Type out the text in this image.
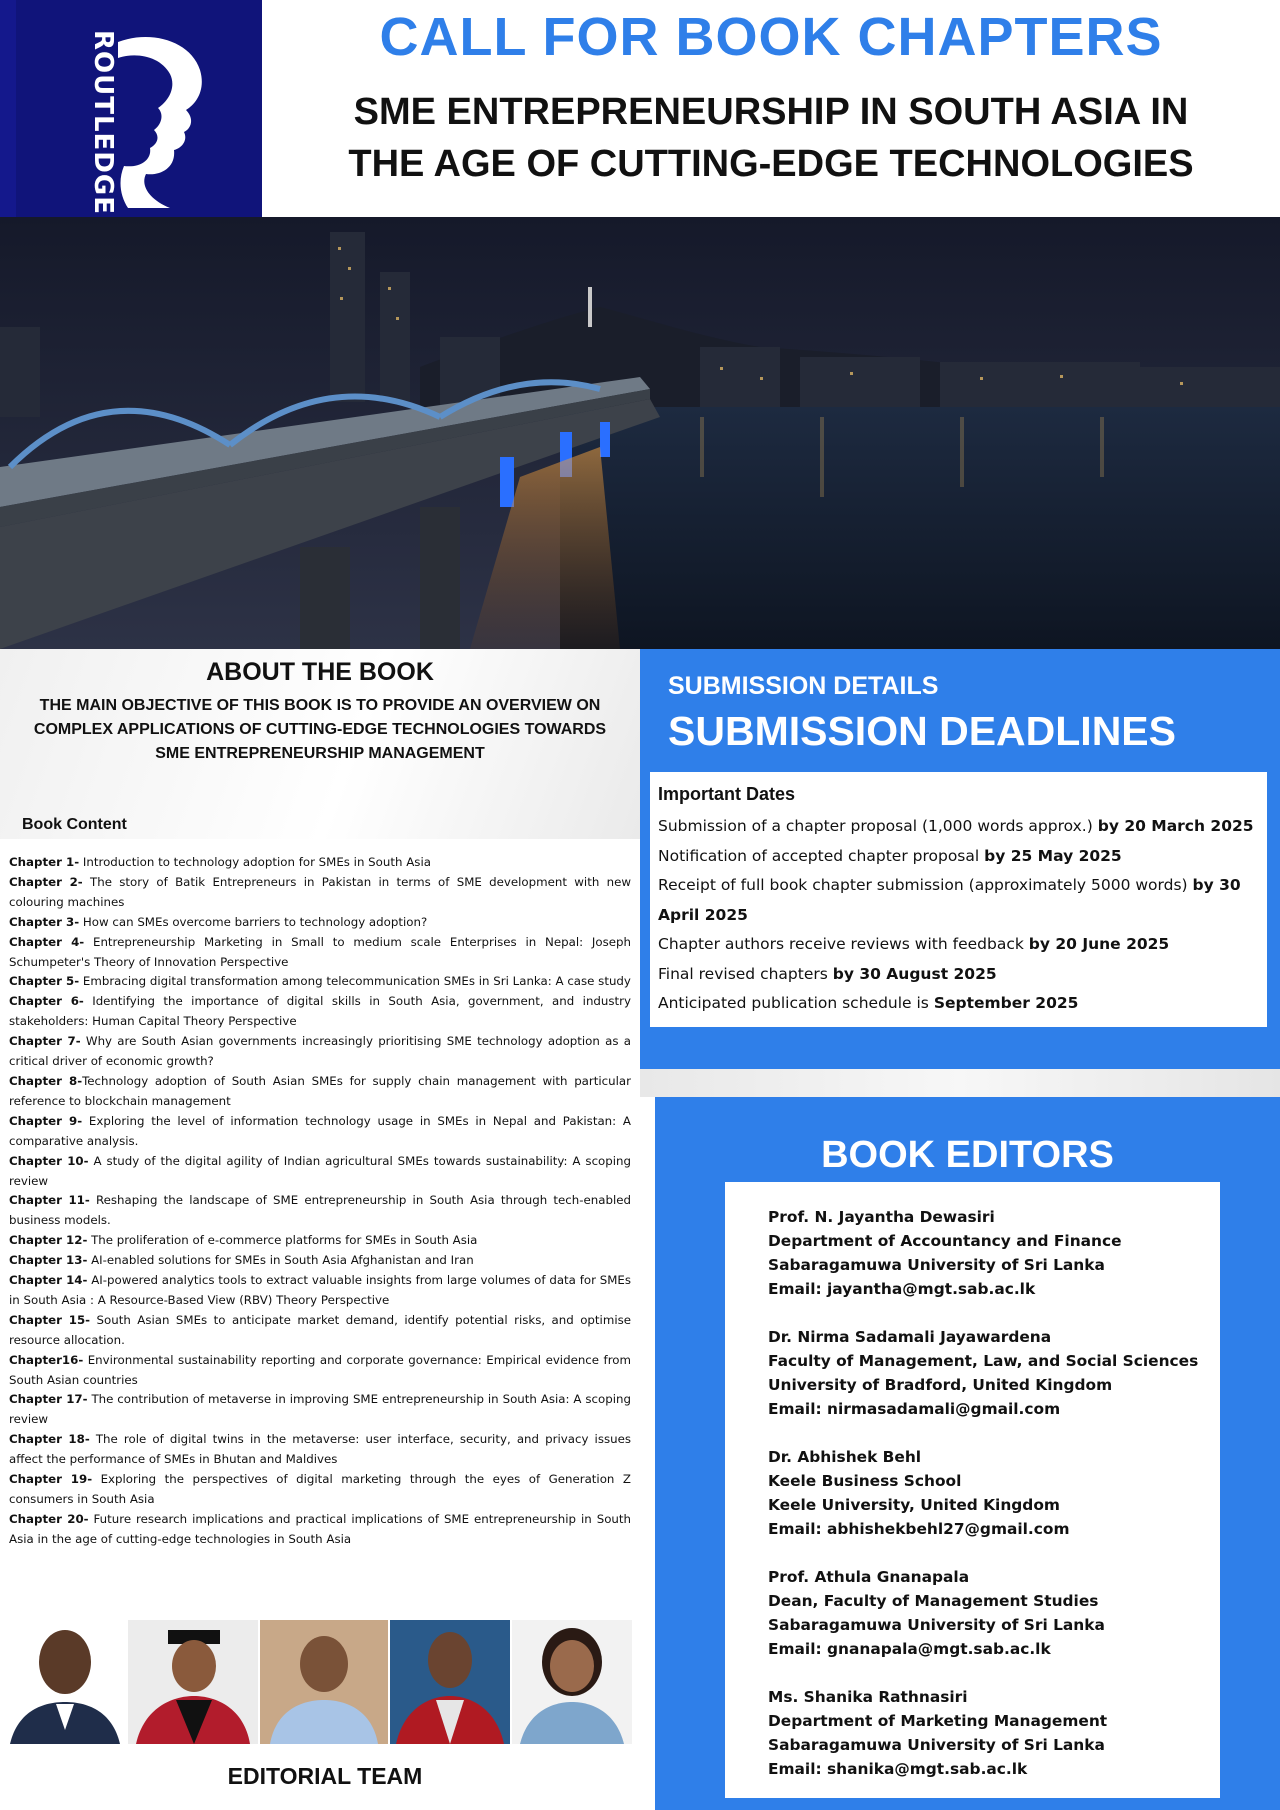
ROUTLEDGE	CALL FOR BOOK CHAPTERS
SME ENTREPRENEURSHIP IN SOUTH ASIA IN
THE AGE OF CUTTING-EDGE TECHNOLOGIES
ABOUT THE BOOK
THE MAIN OBJECTIVE OF THIS BOOK IS TO PROVIDE AN OVERVIEW ON COMPLEX APPLICATIONS OF CUTTING-EDGE TECHNOLOGIES TOWARDS SME ENTREPRENEURSHIP MANAGEMENT
Book Content

Chapter 1- Introduction to technology adoption for SMEs in South Asia

Chapter 2- The story of Batik Entrepreneurs in Pakistan in terms of SME development with new colouring machines

Chapter 3- How can SMEs overcome barriers to technology adoption?

Chapter 4- Entrepreneurship Marketing in Small to medium scale Enterprises in Nepal: Joseph Schumpeter's Theory of Innovation Perspective

Chapter 5- Embracing digital transformation among telecommunication SMEs in Sri Lanka: A case study

Chapter 6- Identifying the importance of digital skills in South Asia, government, and industry stakeholders: Human Capital Theory Perspective

Chapter 7- Why are South Asian governments increasingly prioritising SME technology adoption as a critical driver of economic growth?

Chapter 8-Technology adoption of South Asian SMEs for supply chain management with particular reference to blockchain management

Chapter 9- Exploring the level of information technology usage in SMEs in Nepal and Pakistan: A comparative analysis.

Chapter 10- A study of the digital agility of Indian agricultural SMEs towards sustainability: A scoping review

Chapter 11- Reshaping the landscape of SME entrepreneurship in South Asia through tech-enabled business models.

Chapter 12- The proliferation of e-commerce platforms for SMEs in South Asia

Chapter 13- AI-enabled solutions for SMEs in South Asia Afghanistan and Iran

Chapter 14- AI-powered analytics tools to extract valuable insights from large volumes of data for SMEs in South Asia : A Resource-Based View (RBV) Theory Perspective

Chapter 15- South Asian SMEs to anticipate market demand, identify potential risks, and optimise resource allocation.

Chapter16- Environmental sustainability reporting and corporate governance: Empirical evidence from South Asian countries

Chapter 17- The contribution of metaverse in improving SME entrepreneurship in South Asia: A scoping review

Chapter 18- The role of digital twins in the metaverse: user interface, security, and privacy issues affect the performance of SMEs in Bhutan and Maldives

Chapter 19- Exploring the perspectives of digital marketing through the eyes of Generation Z consumers in South Asia

Chapter 20- Future research implications and practical implications of SME entrepreneurship in South Asia in the age of cutting-edge technologies in South Asia

EDITORIAL TEAM
SUBMISSION DETAILS
SUBMISSION DEADLINES
Important Dates

Submission of a chapter proposal (1,000 words approx.) by 20 March 2025

Notification of accepted chapter proposal by 25 May 2025

Receipt of full book chapter submission (approximately 5000 words) by 30 April 2025

Chapter authors receive reviews with feedback by 20 June 2025

Final revised chapters by 30 August 2025

Anticipated publication schedule is September 2025

BOOK EDITORS
Prof. N. Jayantha Dewasiri
Department of Accountancy and Finance
Sabaragamuwa University of Sri Lanka
Email: jayantha@mgt.sab.ac.lk
Dr. Nirma Sadamali Jayawardena
Faculty of Management, Law, and Social Sciences
University of Bradford, United Kingdom
Email: nirmasadamali@gmail.com
Dr. Abhishek Behl
Keele Business School
Keele University, United Kingdom
Email: abhishekbehl27@gmail.com
Prof. Athula Gnanapala
Dean, Faculty of Management Studies
Sabaragamuwa University of Sri Lanka
Email: gnanapala@mgt.sab.ac.lk
Ms. Shanika Rathnasiri
Department of Marketing Management
Sabaragamuwa University of Sri Lanka
Email: shanika@mgt.sab.ac.lk
